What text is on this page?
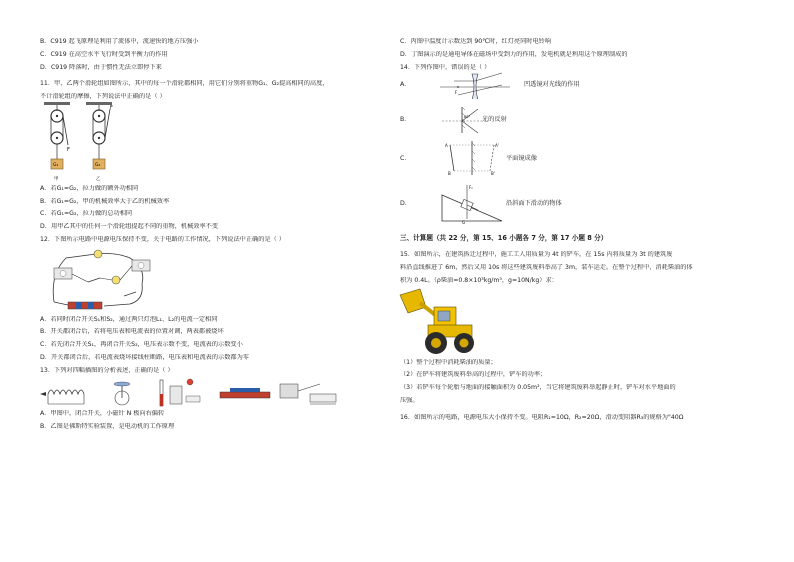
B．C919 起飞原理是利用了流体中，流速快的地方压强小
C．C919 在高空水平飞行时受到平衡力的作用
D．C919 降落时，由于惯性无法立即停下来
11．甲、乙两个滑轮组如图所示，其中的每一个滑轮都相同，用它们分别将重物G₁、G₂提高相同的高度，
不计滑轮组的摩擦，下列说法中正确的是（ ）
F
G₁
甲
F
G₂
乙
A．若G₁=G₂，拉力做的额外功相同
B．若G₁=G₂，甲的机械效率大于乙的机械效率
C．若G₁=G₂，拉力做的总功相同
D．用甲乙其中的任何一个滑轮组提起不同的重物，机械效率不变
12．下图所示电路中电源电压保持不变，关于电路的工作情况，下列说法中正确的是（ ）
A．若同时闭合开关S₁和S₂，通过两只灯泡L₁、L₂的电流一定相同
B．开关都闭合后，若将电压表和电流表的位置对调，两表都被烧坏
C．若先闭合开关S₁，再闭合开关S₂，电压表示数不变，电流表的示数变小
D．开关都闭合后，若电流表烧坏接线柱断路，电压表和电流表的示数都为零
13．下列对四幅插图的分析表述，正确的是（ ）
A．甲图中，闭合开关，小磁针 N 极向右偏转
B．乙图是佛斯特实验装置，是电动机的工作原理
C．丙图中温度计示数达到 90℃时，红灯亮同时电铃响
D．丁图演示的是通电导体在磁场中受到力的作用，发电机就是利用这个原理制成的
14．下列作图中，错误的是（ ）
A．
F
凹透镜对光线的作用
B．	60° 光的反射
C．
A
B
A'
B'
平面镜成像
D．
Fₙ
G
沿斜面下滑动的物体
三、计算题（共 22 分，第 15、16 小题各 7 分，第 17 小题 8 分）
15．如图所示，在建筑拆迁过程中，施工工人用质量为 4t 的铲车，在 15s 内将质量为 3t 的建筑废
料沿直线推进了 6m，然后又用 10s 将这些建筑废料举高了 3m，装车运走。在整个过程中，消耗柴油的体
积为 0.4L。（ρ柴油=0.8×10³kg/m³，g=10N/kg）求：
（1）整个过程中消耗柴油的质量；
（2）在铲车将建筑废料举高的过程中，铲车的功率；
（3）若铲车每个轮胎与地面的接触面积为 0.05m²，当它将建筑废料举起静止时，铲车对水平地面的
压强。
16．如图所示的电路，电源电压大小保持不变。电阻R₁=10Ω，R₂=20Ω，滑动变阻器R₃的规格为"40Ω
